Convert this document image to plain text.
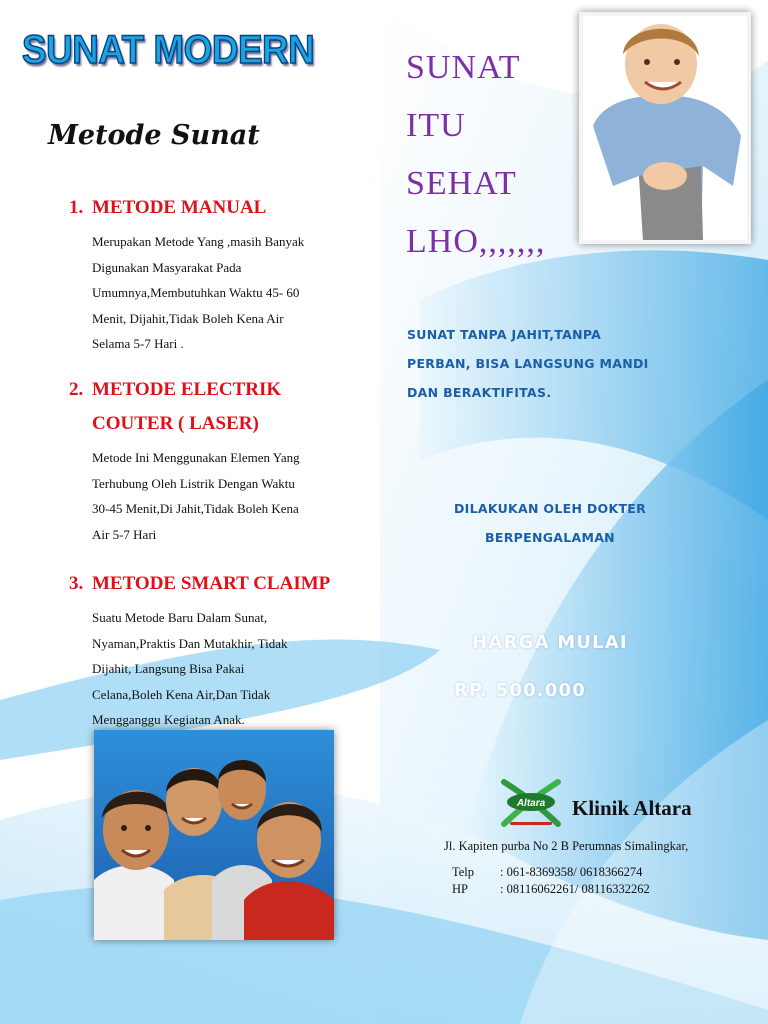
SUNAT MODERN
Metode Sunat
1. METODE MANUAL
Merupakan Metode Yang ,masih Banyak
Digunakan Masyarakat Pada
Umumnya,Membutuhkan Waktu 45- 60
Menit, Dijahit,Tidak Boleh Kena Air
Selama 5-7 Hari .
2. METODE ELECTRIK
COUTER ( LASER)
Metode Ini Menggunakan Elemen Yang
Terhubung Oleh Listrik Dengan Waktu
30-45 Menit,Di Jahit,Tidak Boleh Kena
Air 5-7 Hari
3. METODE SMART CLAIMP
Suatu Metode Baru Dalam Sunat,
Nyaman,Praktis Dan Mutakhir, Tidak
Dijahit, Langsung Bisa Pakai
Celana,Boleh Kena Air,Dan Tidak
Mengganggu Kegiatan Anak.
SUNAT
ITU
SEHAT
LHO,,,,,,,
SUNAT TANPA JAHIT,TANPA
PERBAN, BISA LANGSUNG MANDI
DAN BERAKTIFITAS.
DILAKUKAN OLEH DOKTER
BERPENGALAMAN
HARGA MULAI
RP. 500.000
Altara Klinik Altara
Jl. Kapiten purba No 2 B Perumnas Simalingkar,
Telp : 061-8369358/ 0618366274
HP	: 08116062261/ 08116332262
